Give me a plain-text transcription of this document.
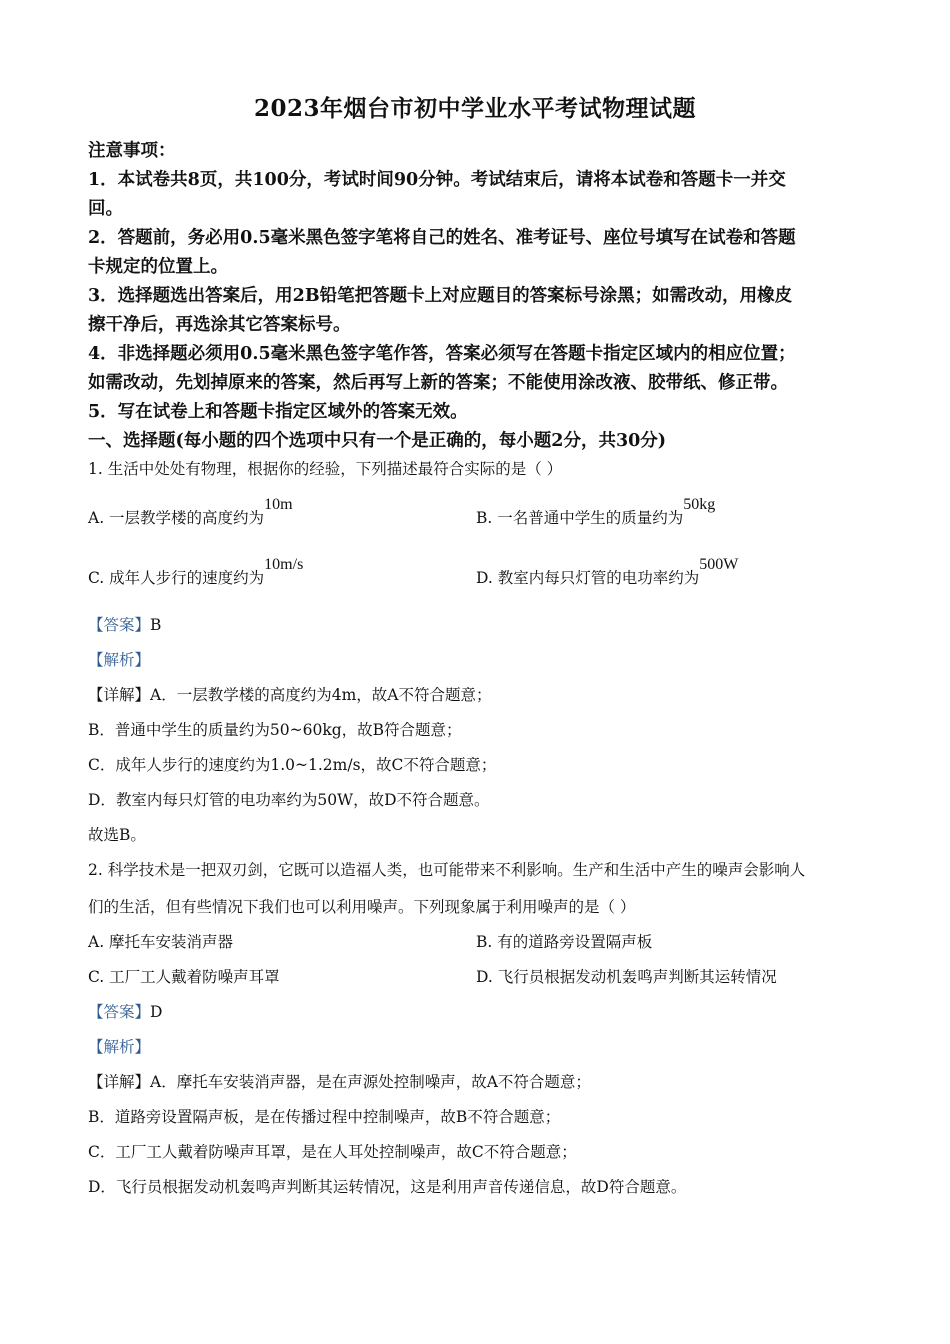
2023年烟台市初中学业水平考试物理试题
注意事项：
1．本试卷共8页，共100分，考试时间90分钟。考试结束后，请将本试卷和答题卡一并交
回。
2．答题前，务必用0.5毫米黑色签字笔将自己的姓名、准考证号、座位号填写在试卷和答题
卡规定的位置上。
3．选择题选出答案后，用2B铅笔把答题卡上对应题目的答案标号涂黑；如需改动，用橡皮
擦干净后，再选涂其它答案标号。
4．非选择题必须用0.5毫米黑色签字笔作答，答案必须写在答题卡指定区域内的相应位置；
如需改动，先划掉原来的答案，然后再写上新的答案；不能使用涂改液、胶带纸、修正带。
5．写在试卷上和答题卡指定区域外的答案无效。
一、选择题(每小题的四个选项中只有一个是正确的，每小题2分，共30分)
1. 生活中处处有物理，根据你的经验，下列描述最符合实际的是（ ）
A. 一层教学楼的高度约为10m
B. 一名普通中学生的质量约为50kg
C. 成年人步行的速度约为10m/s
D. 教室内每只灯管的电功率约为500W
【答案】B
【解析】
【详解】A．一层教学楼的高度约为4m，故A不符合题意；
B．普通中学生的质量约为50~60kg，故B符合题意；
C．成年人步行的速度约为1.0~1.2m/s，故C不符合题意；
D．教室内每只灯管的电功率约为50W，故D不符合题意。
故选B。
2. 科学技术是一把双刃剑，它既可以造福人类，也可能带来不利影响。生产和生活中产生的噪声会影响人
们的生活，但有些情况下我们也可以利用噪声。下列现象属于利用噪声的是（ ）
A. 摩托车安装消声器	B. 有的道路旁设置隔声板
C. 工厂工人戴着防噪声耳罩	D. 飞行员根据发动机轰鸣声判断其运转情况
【答案】D
【解析】
【详解】A．摩托车安装消声器，是在声源处控制噪声，故A不符合题意；
B．道路旁设置隔声板，是在传播过程中控制噪声，故B不符合题意；
C．工厂工人戴着防噪声耳罩，是在人耳处控制噪声，故C不符合题意；
D．飞行员根据发动机轰鸣声判断其运转情况，这是利用声音传递信息，故D符合题意。
